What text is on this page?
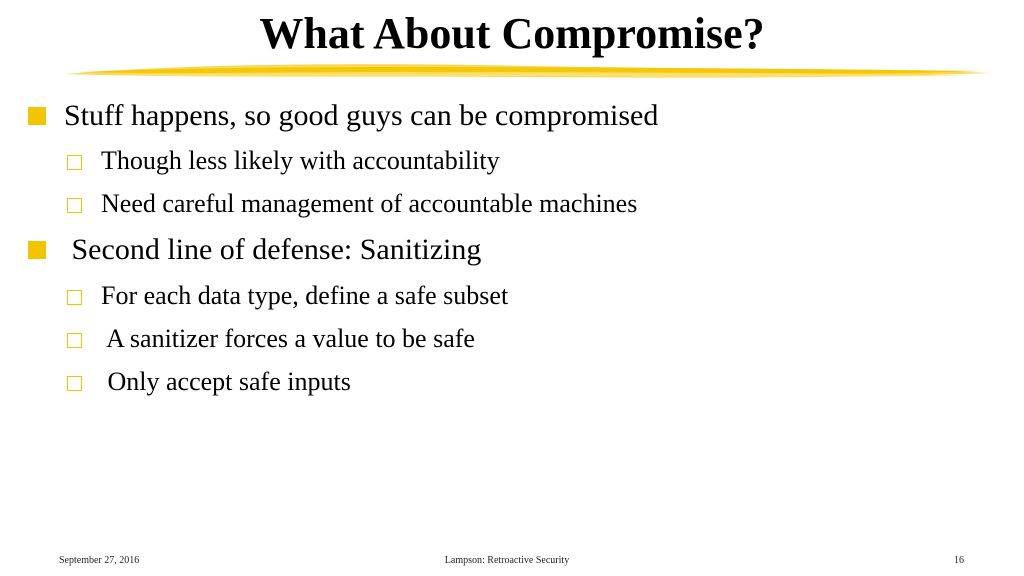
What About Compromise?
Stuff happens, so good guys can be compromised
Though less likely with accountability
Need careful management of accountable machines
Second line of defense: Sanitizing
For each data type, define a safe subset
A sanitizer forces a value to be safe
Only accept safe inputs
September 27, 2016	Lampson: Retroactive Security	16
